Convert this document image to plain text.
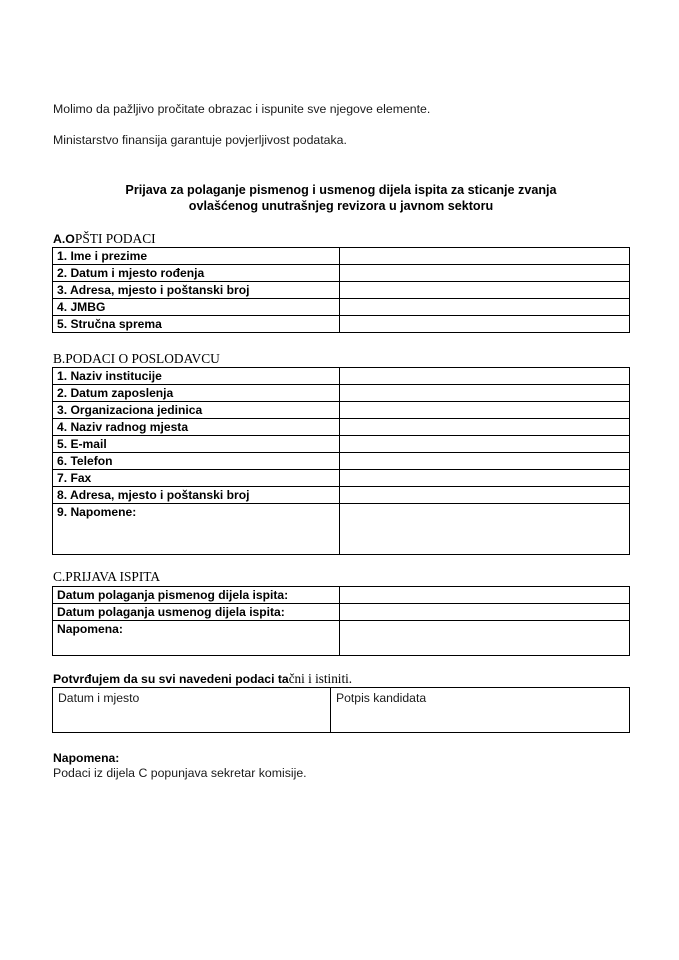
Molimo da pažljivo pročitate obrazac i ispunite sve njegove elemente.
Ministarstvo finansija garantuje povjerljivost podataka.
Prijava za polaganje pismenog i usmenog dijela ispita za sticanje zvanja
ovlašćenog unutrašnjeg revizora u javnom sektoru
A.OPŠTI PODACI
1. Ime i prezime	
2. Datum i mjesto rođenja	
3. Adresa, mjesto i poštanski broj	
4. JMBG	
5. Stručna sprema	
B.PODACI O POSLODAVCU
1. Naziv institucije	
2. Datum zaposlenja	
3. Organizaciona jedinica	
4. Naziv radnog mjesta	
5. E-mail	
6. Telefon	
7. Fax	
8. Adresa, mjesto i poštanski broj	
9. Napomene:	
C.PRIJAVA ISPITA
Datum polaganja pismenog dijela ispita:	
Datum polaganja usmenog dijela ispita:	
Napomena:	
Potvrđujem da su svi navedeni podaci tačni i istiniti.
Datum i mjesto	Potpis kandidata
Napomena:
Podaci iz dijela C popunjava sekretar komisije.
